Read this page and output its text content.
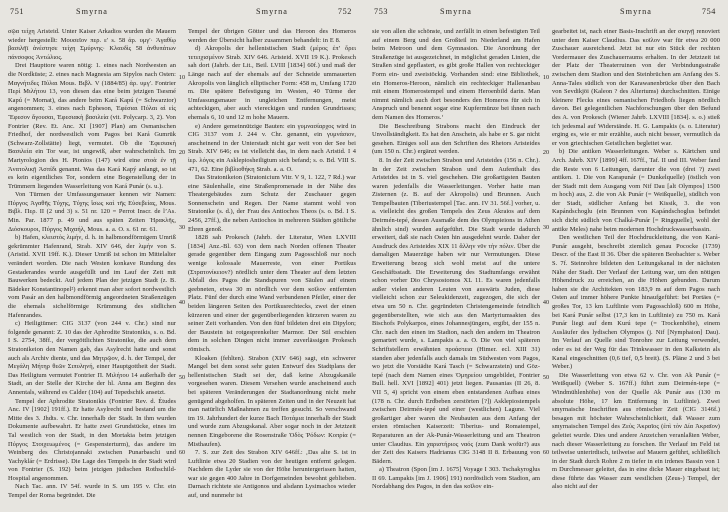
751	Smyrna	Smyrna	752

σῷα τείχη Aristeid. Unter Kaiser Arkadios wurden die Mauern wieder hergestellt: Μουσεῖον περ. ε′ s. 58 ἀρ. υμγ′· Ἀγαθίῳ βασιλῆϊ ἀνέστησε τείχη Σμύρνης· Κλαυδὶς 58 ἀνθυπάτων πάνσοφος Ἀντώλιος.

Drei Haupttore waren nötig: 1. eines nach Nordwesten an die Nordküste; 2. eines nach Magnesia am Sipylos nach Osten: Μαγνήτιδες Πύλαι Mous. Βιβλ. V (1884/85) ἀρ. υμγ′. Fontrier Περὶ Μιλήτου 13, von diesen das eine beim jetzigen Tsesmé Kapú (= Mornat), das andere beim Kará Kapú (= Schwarztor) angenommen; 3. eines nach Epheson, Ἐφέσιαι Πύλαι αἱ εἰς Ἔφεσον ἄγουσαι, Ἐφεσιακὴ βασιλεία (vit. Polycarp. 3, 2). Von Fontrier (Rev. Et. Anc. XI [1907] Plan) am Osmanischen Friedhof, der nordwestlich vom Pagos bei Kará Gumrük (Schwarz-Zollstätte) liegt, vermutet. Ob die Ἐφεσιακὴ Βασιλεία ein Tor war, ist ungewiß, aber wahrscheinlich. Im Martyrologion des H. Pionios (147) wird eine στοὰ ἐν τῇ Ἀνατολικῇ Ἀσπίδι genannt. Was das Kará Kapý anlangt, so ist es kein eigentliches Tor, sondern eine Bogenstellung der in Trümmern liegenden Wasserleitung von Kará Punár (s. u.).

Von Türmen der Umfassungsmauer kennen wir Namen: Πύργος Ἀγαθῆς Τύχης, Τύχης ἴσως καὶ τῆς Εὐσεβείας, Mous. Βιβλ. Περ. II (2 und 3) s. 51 nr. 120 = Perrot Inscr. de l’As. Min. Par. 1877 p. 49 und aus späten Zeiten Ἡρακλῆς, Διόσκουροι, Πύργος Μιχαήλ, Mous. a. a. O. s. 61 nr. 61.

b) Hafen, κλειστὸς λιμήν, d. h. in halbmondförmigem Umriß gekrümmter Hafenrand, Strab. XIV 646, der λιμήν von S. (Aristid. XVII 19ff. K.). Dieser Umriß ist schon im Mittelalter verändert worden. Die nach Westen konkave Rundung des Gestaderandes wurde ausgefüllt und im Lauf der Zeit mit Bauwerken bedeckt. Auf jedem Plan der jetzigen Stadt (z. B. Bädeker Konstantinopel²) erkennt man aber sofort nordwestlich vom Pasár an den halbmondförmig angeordneten Straßenzügen die ehemals sichelförmige Krümmung des südlichen Hafenrandes.

c) Heiligtümer: CIG 3137 (von 244 v. Chr.) sind nur folgende genannt: Z. 10 das der Aphrodite Stratonikis, s. o. Bd. I S. 2754, 38ff., der vergöttlichten Stratonike, die auch dem Stratonikeion den Namen gab, das Asylrecht hatte und sonst auch als Archiv diente, und das Μητρῷον, d. h. der Tempel, der Μεγάλη Μήτηρ θεῶν Σιπυληνή, einer Hauptgottheit der Stadt. Das Heiligtum vermutet Fontrier Π. Μιλήτου 14 außerhalb der Stadt, an der Stelle der Kirche der hl. Anna am Beginn des Annentals, während es Calder (104) auf Tepedschik ansetzt.

Tempel der Aphrodite Stratonikis (Fontrier Rev. d. Études Anc. IV [1902] 191ff.). Er hatte Asylrecht und bestand um die Mitte des 3. Jhdts. v. Chr. innerhalb der Stadt. In ihm wurden Dokumente aufbewahrt. Er hatte zwei Grundstücke, eines im Tal westlich von der Stadt, in den Mortakia beim jetzigen Πύργος Στοιχειωμένος (= Gespensterturm), das andere im Weinberg des Christojannaki zwischen Punarbaschi und Yachyklár (= Erdrisse). Die Lage des Tempels in der Stadt wird von Fontrier (S. 192) beim jetzigen jüdischen Rothschild-Hospital angenommen.

Nach Tac. ann. IV 54f. wurde in S. um 195 v. Chr. ein Tempel der Roma begründet. Die

10
20
30
40
50
60

Tempel der übrigen Götter und das Heroon des Homeros werden der Übersicht halber zusammen behandelt: in E 8.

d) Akropolis der hellenistischen Stadt (μέρος ἐπ’ ὄρει τετειχισμένον Strab. XIV 646. Aristeid. XVII 19 K.). Prokesch sah dort (Jahrb. der Lit., Beil. LVIII [1834] 60f.) und maß der Länge nach auf der ehemals auf der Schneide ummauerten Akropolis von länglich elliptischer Form: 458 m, Umfang 1720 m. Die spätere Befestigung im Westen, 40 Türme der Umfassungsmauer in ungleichen Entfernungen, meist achteckigen, aber auch viereckigen und runden Grundrisses; ehemals 6, 10 und 12 m hohe Mauern.

e) Andere gemeinnützige Bauten: ein γυμνασίαρχος wird in CIG 3137 vom J. 244 v. Chr. genannt, ein γυμνάσιον, anscheinend in der Unterstadt nicht gar weit von der See bei Strab. XIV 646; es ist vielleicht das, in dem nach Aristid. I 4 ἱερ. λόγος ein Asklepiosheiligtum sich befand; s. o. Bd. VIII S. 471, 62. Eine βιβλιοθήκη Strab. a. a. O.

Das Stratonikeion (Stratonicium Vitr. V 9, 1. 122, 7 Rd.) war eine Säulenhalle, eine Straßenpromenade in der Nähe des Theatergebäudes zum Schutz der Zuschauer gegen Sonnenschein und Regen. Der Name stammt wohl von Stratonike (s. d.), der Frau des Antiochos Theos (s. o. Bd. I S. 2456, 27ff.), die neben Antiochos in mehreren Städten göttliche Ehren genoß.

1828 sah Prokesch (Jahrb. der Literatur, Wien LXVIII [1834] Anz.-Bl. 63) von dem nach Norden offenen Theater gerade gegenüber dem Eingang zum Pagosschloß nur noch wenige kolossale Mauerreste, von einer Portikus (Στρατονίκειον?) nördlich unter dem Theater auf dem letzten Abfall des Pagos die Standspuren von Säulen auf einem geebneten, etwa 30 m nördlich vor dem κοῖλον entfernten Platz. Fünf der durch eine Wand verbundenen Pfeiler, einer der beiden längeren Seiten des Portikusrechtecks, zwei der einen kürzeren und einer der gegenüberliegenden kürzeren waren zu seiner Zeit vorhanden. Von den fünf bildeten drei ein Dipylon; der Baustein ist rotgesprenkelter Marmor. Der Stil erschien dem in solchen Dingen nicht immer zuverlässigen Prokesch römisch.

Kloaken (fehlten). Strabon (XIV 646) sagt, ein schwerer Mangel bei dem sonst sehr guten Entwurf des Stadtplans der hellenistischen Stadt sei der, daß keine Abzugskanäle vorgesehen waren. Diesem Versehen wurde anscheinend auch bei späteren Veränderungen der Stadtanordnung nicht mehr genügend abgeholfen. In späteren Zeiten und in der Neuzeit hat man natürlich Maßnahmen zu treffen gesucht. So verschwand im 19. Jahrhundert der kurze Bach Ποτάμια innerhalb der Stadt und wurde zum Abzugskanal. Aber sogar noch in der Jetztzeit nennen Eingeborene die Rosenstraße Ὁδὸς Ῥόδων: Κοπρία (= Misthaufen).

7. S. zur Zeit des Strabon XIV 646ff.: ‚Das alte S. ist in Luftlinie etwa 20 Stadien von der heutigen entfernt gelegen. Nachdem die Lyder sie von der Höhe heruntergerissen hatten, war sie gegen 400 Jahre in Dorfgemeinden bewohnt geblieben. Darnach richtete sie Antigonos und alsdann Lysimachos wieder auf, und nunmehr ist

753	Smyrna	Smyrna	754

sie von allen die schönste, und zerfällt in einen befestigten Teil auf einem Berg und den Großteil im Niederland am Hafen beim Metroon und dem Gymnasion. Die Anordnung der Straßenzüge ist ausgezeichnet, in möglichst geraden Linien, die Straßen sind gepflastert, es gibt große Hallen von rechteckiger Form ein- und zweistöckig. Vorhanden sind: eine Bibliothek, ein Homeros-Heroon, nämlich ein rechteckiger Hallenanbau mit einem Homerostempel und einem Heroenbild darin. Man nimmt nämlich auch dort besonders den Homeros für sich in Anspruch und benennt sogar eine Kupfermünze bei ihnen nach dem Namen des Homeros.‘

Die Beschreibung Strabons macht den Eindruck der Unvollständigkeit. Es hat den Anschein, als habe er S. gar nicht gesehen. Einiges soll aus den Schriften des Rhetors Aristeides (um 150 n. Chr.) ergänzt werden.

8. In der Zeit zwischen Strabon und Aristeides (156 n. Chr.). In der Zeit zwischen Strabon und dem Aufenthalt des Aristeides ist in S. viel geschehen. Die großartigsten Bauten waren jedenfalls die Wasserleitungen. Vorher hatte man Zisternen (z. B. auf der Akropolis) und Brunnen. Auch Tempelbauten (Tiberiustempel [Tac. ann. IV 31. 56f.] vorher, u. a. vielleicht des großen Tempels des Zeus Akraios auf dem Deirmén-tepé, dessen Ausmaße dem des Olympieions in Athen ähnlich sind) wurden aufgeführt. Die Stadt wurde dadurch erweitert, daß sie nach Osten hin ausgedehnt wurde. Daher der Ausdruck des Aristeides XIX 11 ἄλλην νῦν τὴν πόλιν. Über die damaligen Mauerzüge haben wir nur Vermutungen. Diese Erweiterung bezog sich wohl meist auf die untere Geschäftsstadt. Die Erweiterung des Stadtumfangs erwähnt schon vorher Dio Chrysostomos XL 11. Es waren jedenfalls außer vielen anderen Leuten von auswärts Juden, diese vielleicht schon zur Seleukidenzeit, zugezogen, die sich der etwa um 50 n. Chr. gegründeten Christengemeinde feindlich gegenüberstellten, wie sich aus den Martyriumsakten des Bischofs Polykarpos, eines Johannesjüngers, ergibt, der 155 n. Chr. nach den einen im Stadion, nach den andern im Theatron gemartert wurde, s. Lampakis a. a. O. Die von viel späteren Schriftstellern erwähnten προάστεια (Himer. ecl. XIII 31) standen aber jedenfalls auch damals im Südwesten vom Pagos, wo jetzt die Vorstädte Kará Tasch (= Schwarzstein) und Göz-tepé (nach dem Namen eines Ὁμηρείου umgebildet, Fontrier Bull. hell. XVI [1892] 401) jetzt liegen. Pausanias (II 26, 8. VII 5, 4) spricht von einem eben entstandenen Aufbau eines (178 n. Chr. durch Erdbeben zerstörten [?]) Asklepiostempels zwischen Deirmén-tepé und einer (westlichen) Lagune. Viel großartiger aber waren die Neubauten aus dem Anfang der ersten römischen Kaiserzeit: Tiberius- und Romatempel, Reparaturen an der Ak-Punár-Wasserleitung und am Theatron unter Claudius. Ein χαριστήριος ναός (zum Dank wofür?) aus der Zeit des Kaisers Hadrianus CIG 3148 II 8. Erbauung von Bädern.

a) Theatron (Spon [im J. 1675] Voyage I 303. Tschakyroglus II 69. Lampakis [im J. 1906] 191) nordöstlich vom Stadion, am Nordabhang des Pagos, in den das κοῖλον ein-

10
20
30
40
50
60

gearbeitet ist, nach einer Basis-Inschrift an der σκηνῇ renoviert unter dem Kaiser Claudius. Das κοῖλον war für etwa 20 000 Zuschauer ausreichend. Jetzt ist nur ein Stück der rechten Vordermauer des Zuschauerraums erhalten. In der Jetztzeit ist der Platz der Theaterruinen von der Verbindungsstraße zwischen dem Stadion und den Steinbrüchen am Anfang des S. Anna-Tales südlich von der Karawanenbrücke über den Bach von Sevdikjöi (Kaleon ? des Altertums) durchschnitten. Einige kleinere Flecks eines osmanischen Friedhofs liegen nördlich davon. Bei gelegentlichen Nachforschungen über den Befund des A. von Prokesch (Wiener Jahrb. LXVIII [1834]. s. o.) stieß ich jedesmal auf Widerstände. H. G. Lampakis (s. o. Literatur) erging es, wie er mir erzählte, auch nicht besser, vermutlich da er von griechischen Geistlichen begleitet war.

b) Die antiken Wasserleitungen. Weber s. Kärtchen und Arch. Jahrb. XIV [1899] 4ff. 167ff., Taf. II und III. Weber fand die Reste von 6 Leitungen, darunter die von (drei ?) zwei antiken. 1. Die von Karapunár (= Dunkelquelle) (östlich von der Stadt mit dem Ausgang vom Nif Dau [alt Olympos] 1500 m hoch) aus, 2. die von Ak Punár (= Weißquelle), südlich von der Stadt, südlicher Anfang bei Kissik, 3. die von Kapándschoglu (ein Brunnen von Kapándschoglus befindet sich dicht südlich von Chalká-Punár [= Ringquelle], wohl der antike Meles) nahe beim modernen Hochdruckwasserbassin.

Den westlichen Teil der Hochdruckleitung, die von Kará-Punár ausgeht, beschreibt ziemlich genau Pococke (1739) Descr. of the East II 36. Über die späteren Beobachter s. Weber S. 7f. Steinrohre bildeten den Leitungskanal in der nächsten Nähe der Stadt. Der Verlauf der Leitung war, um den nötigen Höhendruck zu erreichen, an die Höhen gebunden. Darum haben sie die Architekten von 183,9 m auf dem Pagos nach Osten auf immer höhere Punkte hinaufgeführt: bei Portäes (= großes Tor, 13 km Luftlinie vom Pagosschloß) 600 m Höhe, bei Kará Punár selbst (17,3 km in Luftlinie) zu 750 m. Kará Punár liegt auf dem Kurú tepe (= Trockenhöhe), einem Ausläufer des lydischen Olympos (j. Nif [Nymphaion] Dau). Im Verlauf an Quelle sind Tonrohre zur Leitung verwendet, oder es ist der Weg für das Trinkwasser in den Kalkstein als Kanal eingeschnitten (0,6 tief, 0,5 breit). (S. Pläne 2 und 3 bei Weber.)

Die Wasserleitung von etwa 62 v. Chr. von Ak Punár (= Weißquell) (Weber S. 167ff.) führt zum Deirmén-tepe (= Windmühlenhöhe) von der Quelle Ak Punár aus (130 m absolute Höhe, 17 km Entfernung in Luftlinie). Zwei smyrnaische Inschriften aus römischer Zeit (CIG 3146f.) besagen mit höchster Wahrscheinlichkeit, daß Wasser zum smyrnaischen Tempel des Ζεὺς Ἀκραῖος (ἐπὶ τὸν Δία Ἀκραῖον) geleitet wurde. Dies und andere Anzeichen veranlaßten Weber, nach dieser Wasserleitung zu forschen. Ihr Verlauf im Feld ist teilweise unterirdisch, teilweise auf Mauern geführt, schließlich in der Stadt durch Rohre 2 m tiefer in ein irdenes Bassin von 1 m Durchmesser geleitet, das in eine dicke Mauer eingebaut ist; diese führte das Wasser zum westlichen (Zeus-) Tempel, der also nicht auf der
